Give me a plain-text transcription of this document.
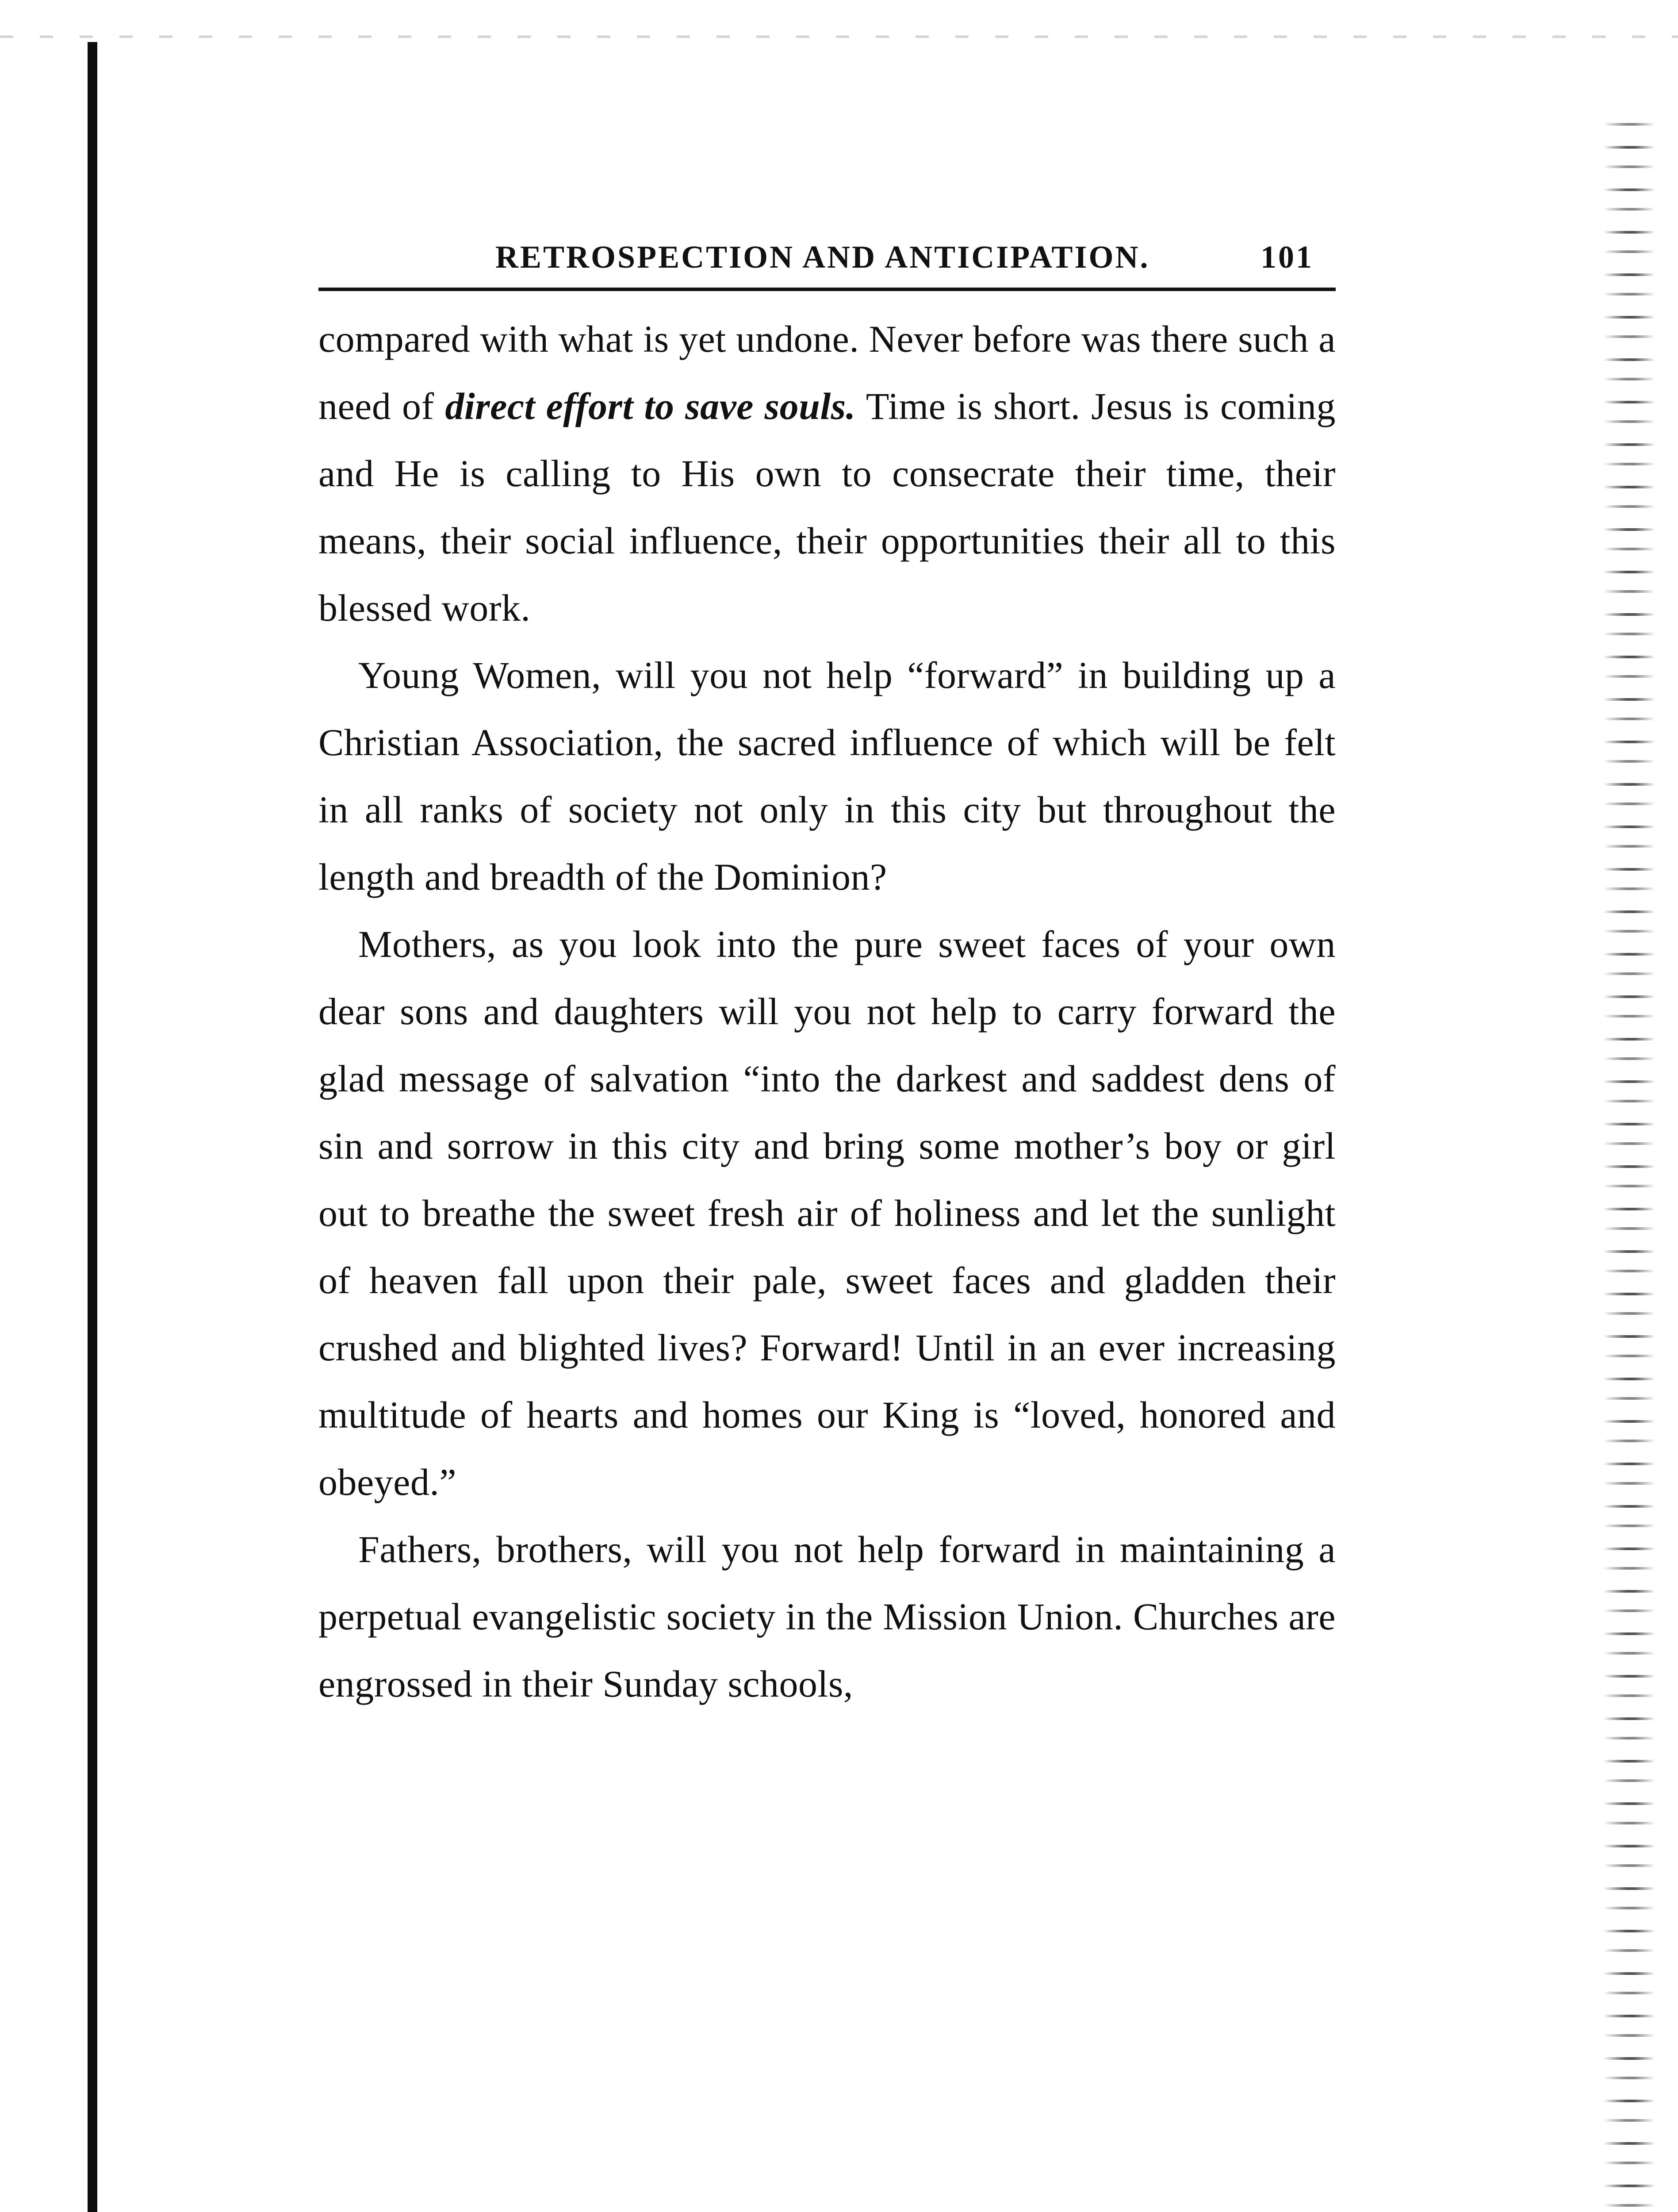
RETROSPECTION AND ANTICIPATION.	101

compared with what is yet undone. Never before was there such a need of direct effort to save souls. Time is short. Jesus is coming and He is calling to His own to consecrate their time, their means, their social influence, their opportunities their all to this blessed work.

Young Women, will you not help “forward” in building up a Christian Association, the sacred influence of which will be felt in all ranks of society not only in this city but throughout the length and breadth of the Dominion?

Mothers, as you look into the pure sweet faces of your own dear sons and daughters will you not help to carry forward the glad message of salvation “into the darkest and saddest dens of sin and sorrow in this city and bring some mother’s boy or girl out to breathe the sweet fresh air of holiness and let the sunlight of heaven fall upon their pale, sweet faces and gladden their crushed and blighted lives? Forward! Until in an ever increasing multitude of hearts and homes our King is “loved, honored and obeyed.”

Fathers, brothers, will you not help forward in maintaining a perpetual evangelistic society in the Mission Union. Churches are engrossed in their Sunday schools,
